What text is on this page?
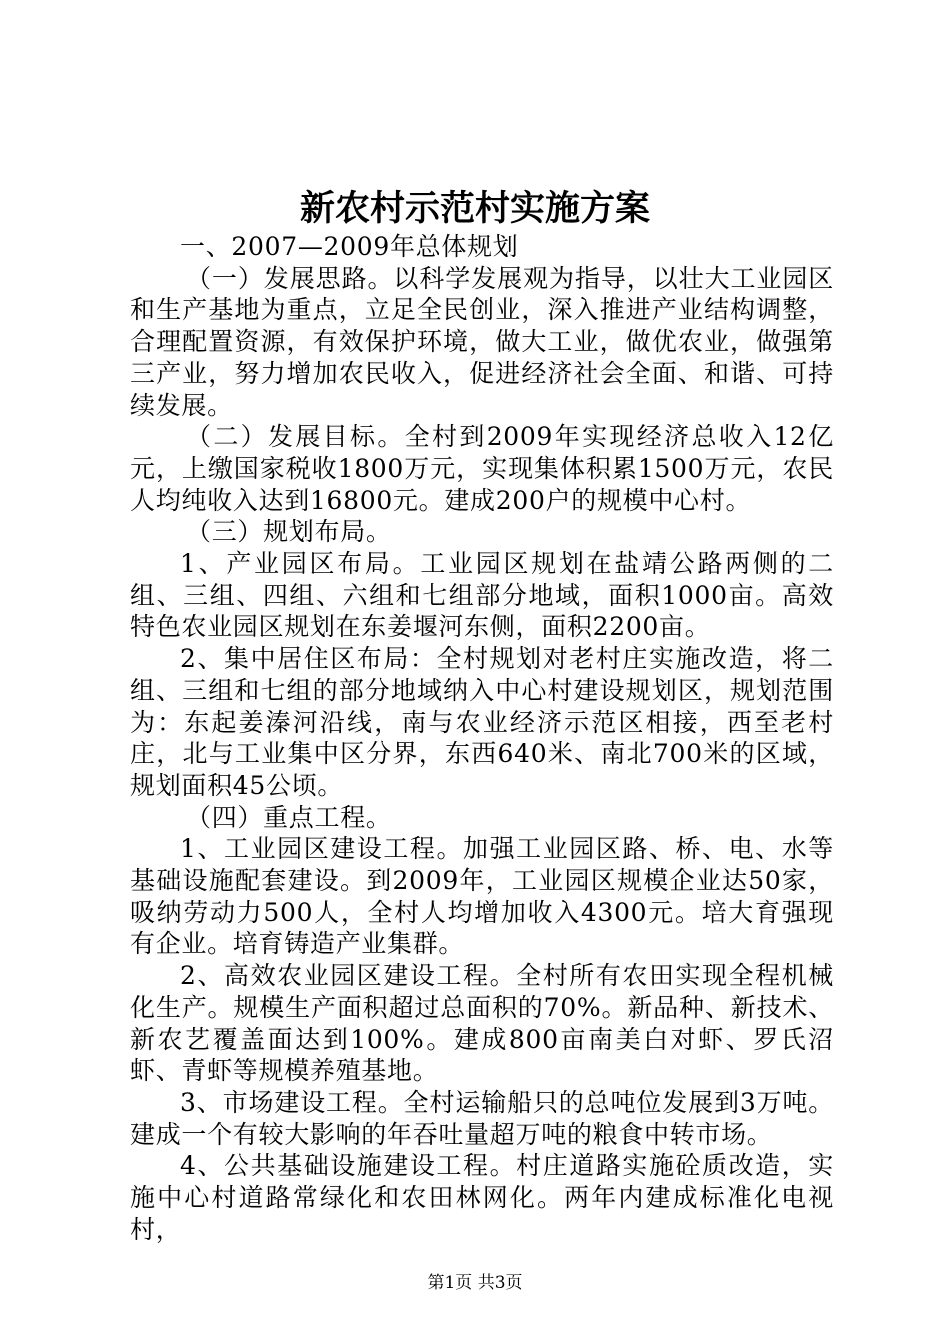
新农村示范村实施方案

一、2007—2009年总体规划

（一）发展思路。以科学发展观为指导，以壮大工业园区和生产基地为重点，立足全民创业，深入推进产业结构调整，合理配置资源，有效保护环境，做大工业，做优农业，做强第三产业，努力增加农民收入，促进经济社会全面、和谐、可持续发展。

（二）发展目标。全村到2009年实现经济总收入12亿元，上缴国家税收1800万元，实现集体积累1500万元，农民人均纯收入达到16800元。建成200户的规模中心村。

（三）规划布局。

1、产业园区布局。工业园区规划在盐靖公路两侧的二组、三组、四组、六组和七组部分地域，面积1000亩。高效特色农业园区规划在东姜堰河东侧，面积2200亩。

2、集中居住区布局：全村规划对老村庄实施改造，将二组、三组和七组的部分地域纳入中心村建设规划区，规划范围为：东起姜溱河沿线，南与农业经济示范区相接，西至老村庄，北与工业集中区分界，东西640米、南北700米的区域，规划面积45公顷。

（四）重点工程。

1、工业园区建设工程。加强工业园区路、桥、电、水等基础设施配套建设。到2009年，工业园区规模企业达50家，吸纳劳动力500人，全村人均增加收入4300元。培大育强现有企业。培育铸造产业集群。

2、高效农业园区建设工程。全村所有农田实现全程机械化生产。规模生产面积超过总面积的70%。新品种、新技术、新农艺覆盖面达到100%。建成800亩南美白对虾、罗氏沼虾、青虾等规模养殖基地。

3、市场建设工程。全村运输船只的总吨位发展到3万吨。建成一个有较大影响的年吞吐量超万吨的粮食中转市场。

4、公共基础设施建设工程。村庄道路实施砼质改造，实施中心村道路常绿化和农田林网化。两年内建成标准化电视村，

第1页 共3页
